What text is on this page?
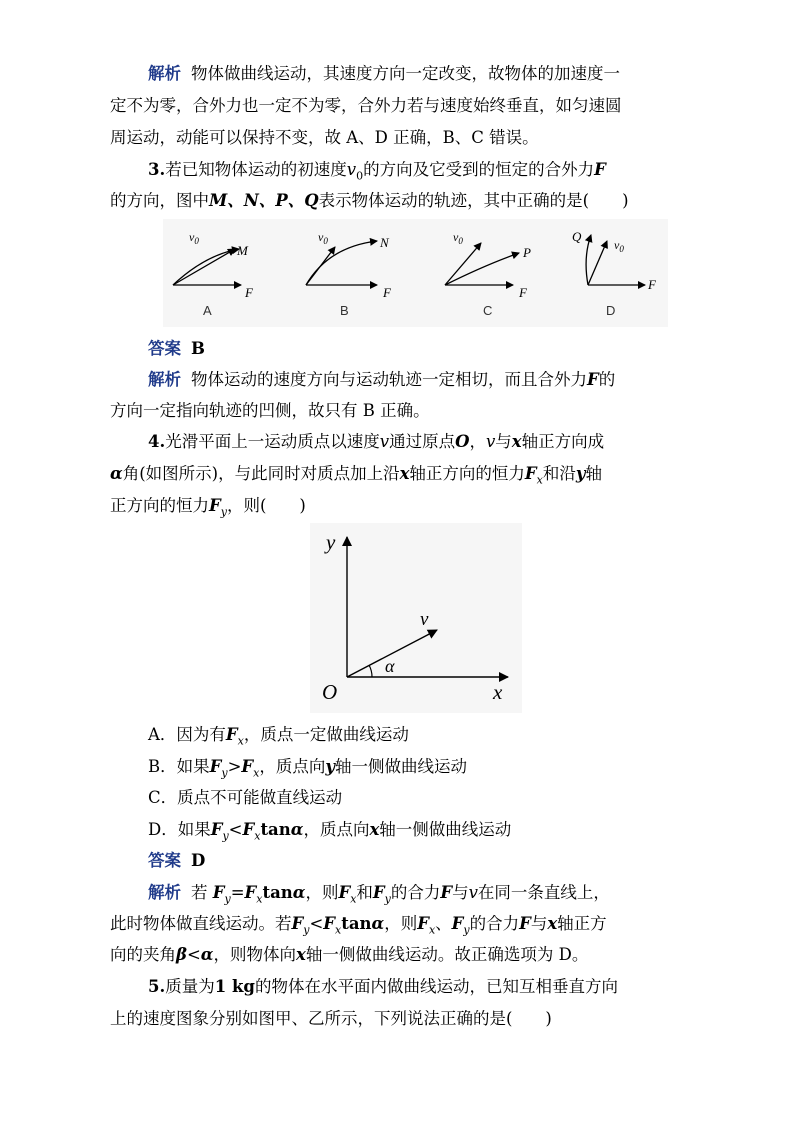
解析 物体做曲线运动，其速度方向一定改变，故物体的加速度一
定不为零，合外力也一定不为零，合外力若与速度始终垂直，如匀速圆
周运动，动能可以保持不变，故 A、D 正确，B、C 错误。
3.若已知物体运动的初速度$v_0$的方向及它受到的恒定的合外力F
的方向，图中M、N、P、Q表示物体运动的轨迹，其中正确的是(　　)
$v_0$
M
F
A
$v_0$	N
F
B
$v_0$
P
F
C
Q
$v_0$
F
D
答案 B
解析 物体运动的速度方向与运动轨迹一定相切，而且合外力F的
方向一定指向轨迹的凹侧，故只有 B 正确。
4.光滑平面上一运动质点以速度v通过原点O，v与x轴正方向成
α角(如图所示)，与此同时对质点加上沿x轴正方向的恒力$F_x$和沿y轴
正方向的恒力$F_y$，则(　　)
y
v
α
O	x
A．因为有$F_x$，质点一定做曲线运动
B．如果$F_y>F_x$，质点向y轴一侧做曲线运动
C．质点不可能做直线运动
D．如果$F_y<F_x\tan\alpha$，质点向x轴一侧做曲线运动
答案 D
解析 若 $F_y=F_x\tan\alpha$，则$F_x$和$F_y$的合力F与v在同一条直线上，
此时物体做直线运动。若$F_y<F_x\tan\alpha$，则$F_x$、$F_y$的合力F与x轴正方
向的夹角β<α，则物体向x轴一侧做曲线运动。故正确选项为 D。
5.质量为1 kg的物体在水平面内做曲线运动，已知互相垂直方向
上的速度图象分别如图甲、乙所示，下列说法正确的是(　　)
